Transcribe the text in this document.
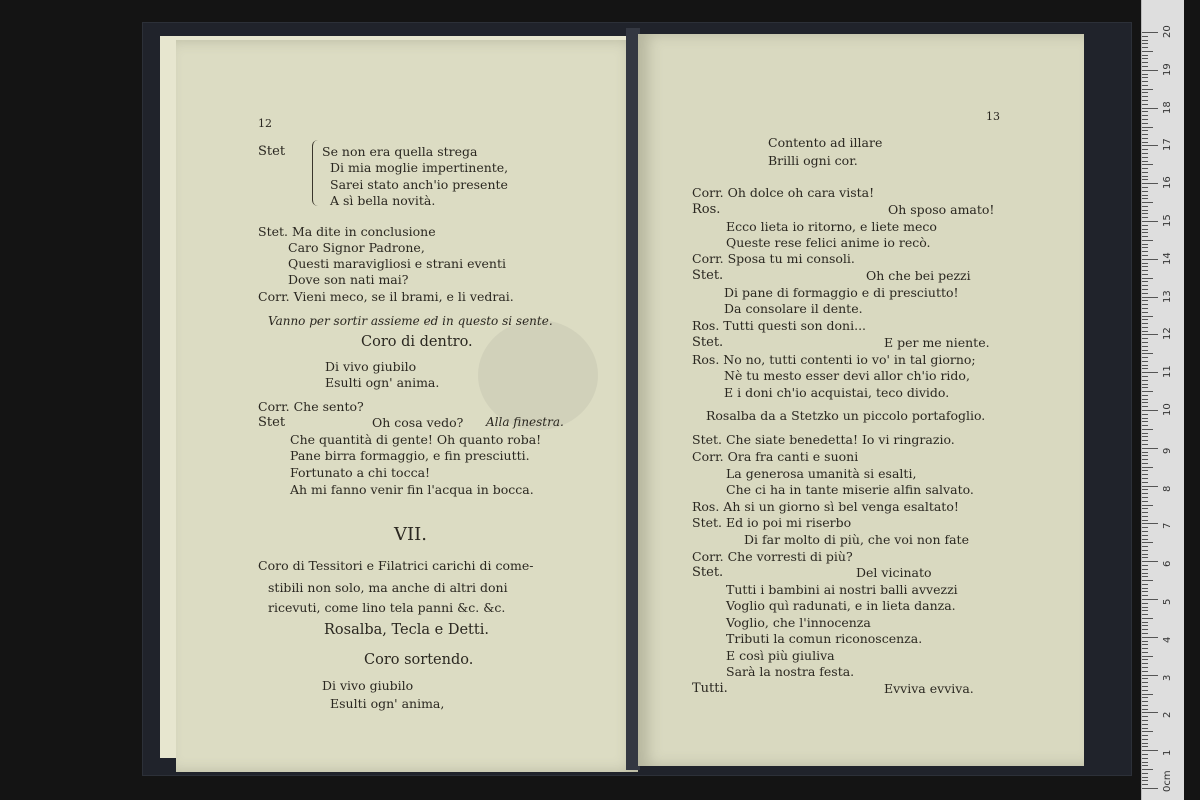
12
Stet	Se non era quella strega
Di mia moglie impertinente,
Sarei stato anch'io presente
A sì bella novità.
Stet. Ma dite in conclusione
Caro Signor Padrone,
Questi maravigliosi e strani eventi
Dove son nati mai?
Corr. Vieni meco, se il brami, e li vedrai.
Vanno per sortir assieme ed in questo si sente.
Coro di dentro.
Di vivo giubilo
Esulti ogn' anima.
Corr. Che sento?
Stet	Oh cosa vedo? Alla finestra.
Che quantità di gente! Oh quanto roba!
Pane birra formaggio, e fin presciutti.
Fortunato a chi tocca!
Ah mi fanno venir fin l'acqua in bocca.
VII.
Coro di Tessitori e Filatrici carichi di come-
stibili non solo, ma anche di altri doni
ricevuti, come lino tela panni &c. &c.
Rosalba, Tecla e Detti.
Coro sortendo.
Di vivo giubilo
Esulti ogn' anima,
13
Contento ad illare
Brilli ogni cor.
Corr. Oh dolce oh cara vista!
Ros.	Oh sposo amato!
Ecco lieta io ritorno, e liete meco
Queste rese felici anime io recò.
Corr. Sposa tu mi consoli.
Stet.	Oh che bei pezzi
Di pane di formaggio e di presciutto!
Da consolare il dente.
Ros. Tutti questi son doni...
Stet.	E per me niente.
Ros. No no, tutti contenti io vo' in tal giorno;
Nè tu mesto esser devi allor ch'io rido,
E i doni ch'io acquistai, teco divido.
Rosalba da a Stetzko un piccolo portafoglio.
Stet. Che siate benedetta! Io vi ringrazio.
Corr. Ora fra canti e suoni
La generosa umanità si esalti,
Che ci ha in tante miserie alfin salvato.
Ros. Ah si un giorno sì bel venga esaltato!
Stet. Ed io poi mi riserbo
Di far molto di più, che voi non fate
Corr. Che vorresti di più?
Stet.	Del vicinato
Tutti i bambini ai nostri balli avvezzi
Voglio quì radunati, e in lieta danza.
Voglio, che l'innocenza
Tributi la comun riconoscenza.
E così più giuliva
Sarà la nostra festa.
Tutti.	Evviva evviva.
0cm
1
2
3
4
5
6
7
8
9
10
11
12
13
14
15
16
17
18
19
20
